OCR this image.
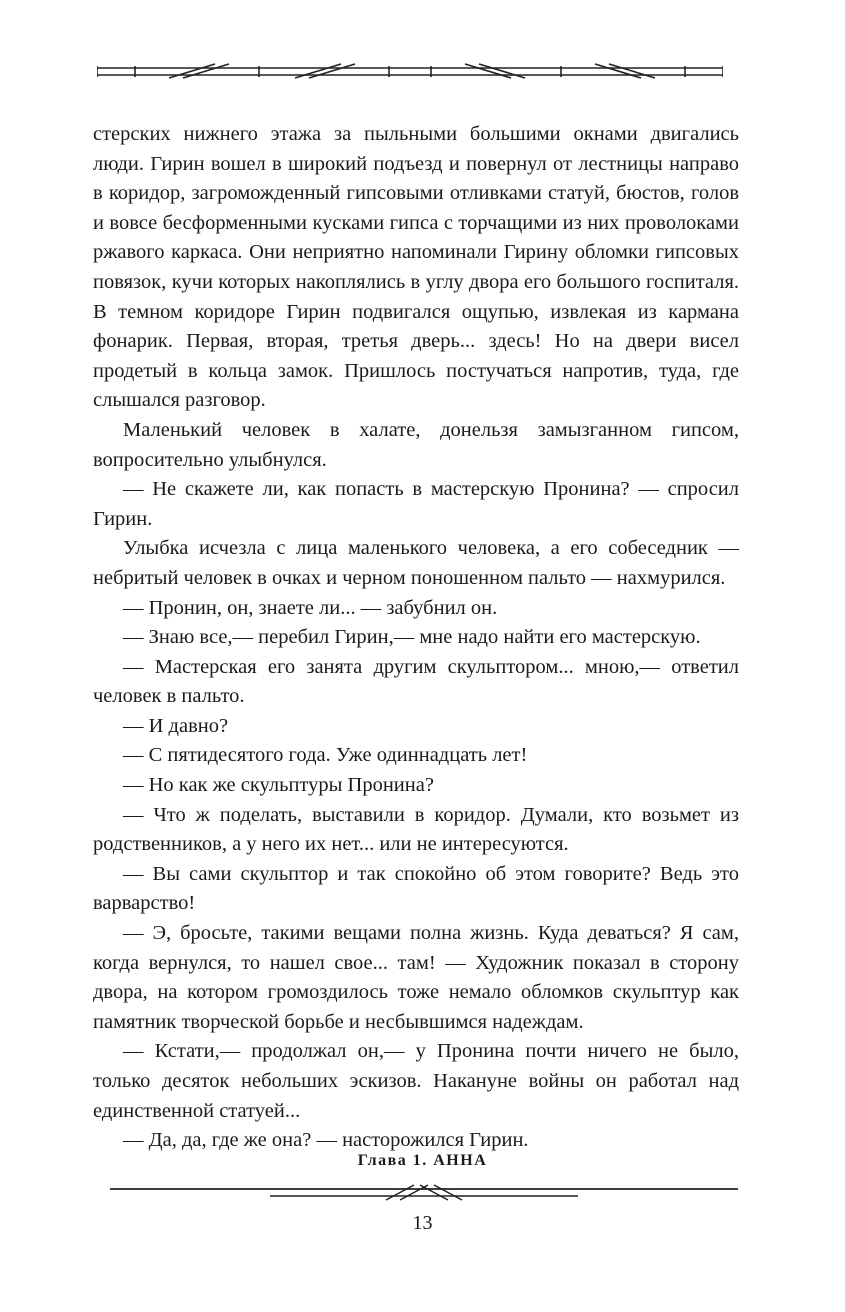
стерских нижнего этажа за пыльными большими окнами двигались люди. Гирин вошел в широкий подъезд и повернул от лестницы направо в коридор, загроможденный гипсовыми отливками статуй, бюстов, голов и вовсе бесформенными кусками гипса с торчащими из них проволоками ржавого каркаса. Они неприятно напоминали Гирину обломки гипсовых повязок, кучи которых накоплялись в углу двора его большого госпиталя. В темном коридоре Гирин подвигался ощупью, извлекая из кармана фонарик. Первая, вторая, третья дверь... здесь! Но на двери висел продетый в кольца замок. Пришлось постучаться напротив, туда, где слышался разговор.

Маленький человек в халате, донельзя замызганном гипсом, вопросительно улыбнулся.

— Не скажете ли, как попасть в мастерскую Пронина? — спросил Гирин.

Улыбка исчезла с лица маленького человека, а его собеседник — небритый человек в очках и черном поношенном пальто — нахмурился.

— Пронин, он, знаете ли... — забубнил он.

— Знаю все,— перебил Гирин,— мне надо найти его мастерскую.

— Мастерская его занята другим скульптором... мною,— ответил человек в пальто.

— И давно?

— С пятидесятого года. Уже одиннадцать лет!

— Но как же скульптуры Пронина?

— Что ж поделать, выставили в коридор. Думали, кто возьмет из родственников, а у него их нет... или не интересуются.

— Вы сами скульптор и так спокойно об этом говорите? Ведь это варварство!

— Э, бросьте, такими вещами полна жизнь. Куда деваться? Я сам, когда вернулся, то нашел свое... там! — Художник показал в сторону двора, на котором громоздилось тоже немало обломков скульптур как памятник творческой борьбе и несбывшимся надеждам.

— Кстати,— продолжал он,— у Пронина почти ничего не было, только десяток небольших эскизов. Накануне войны он работал над единственной статуей...

— Да, да, где же она? — насторожился Гирин.

Глава 1. АННА
13
